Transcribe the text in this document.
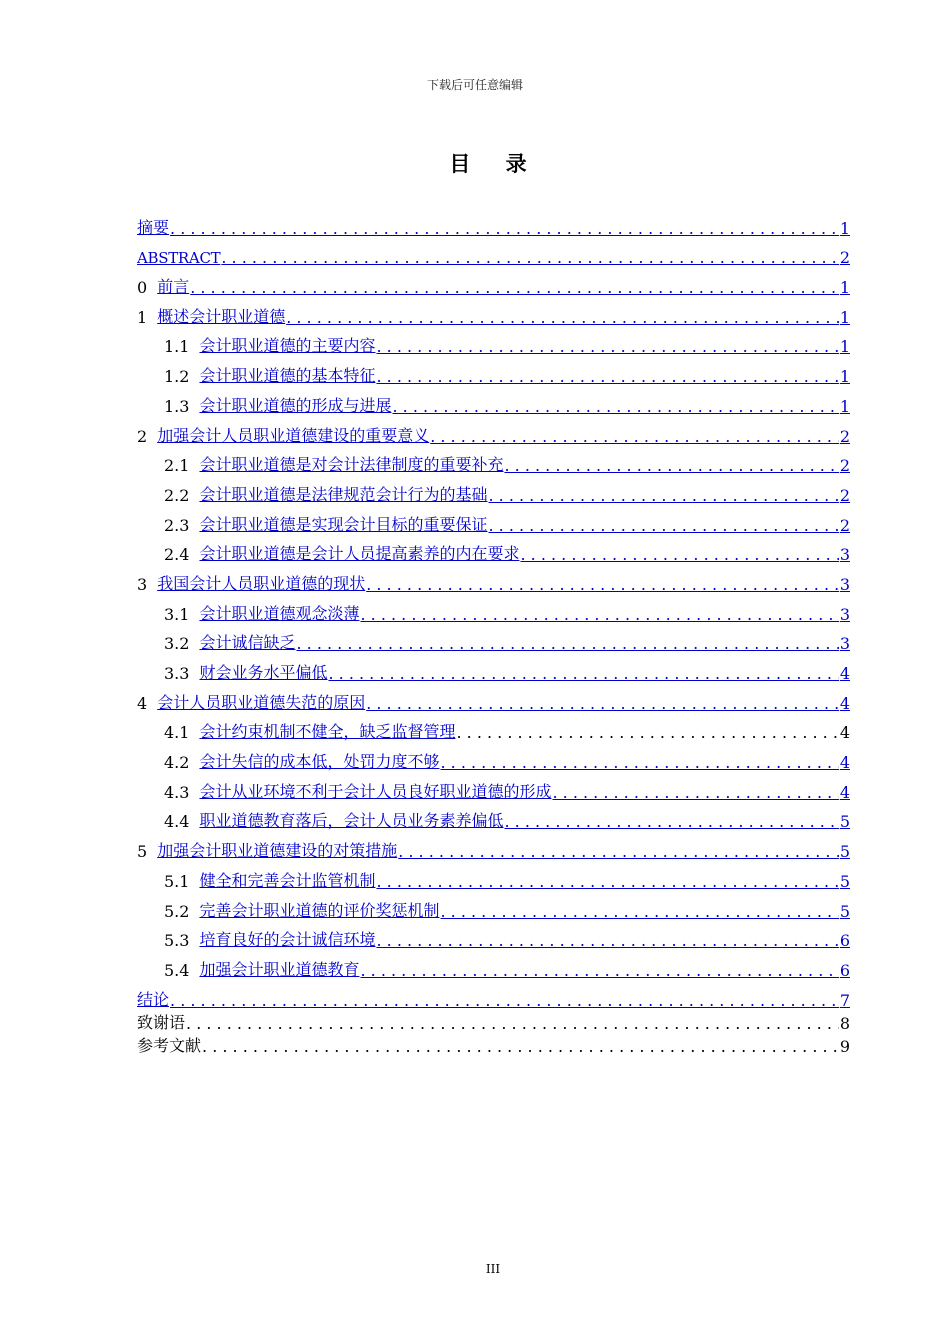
下载后可任意编辑
目 录
摘要 . . .	1
ABSTRACT . . .	2
0 前言 . . .	1
1 概述会计职业道德 . . .	1
1.1 会计职业道德的主要内容 . . .	1
1.2 会计职业道德的基本特征 . . .	1
1.3 会计职业道德的形成与进展 . . .	1
2 加强会计人员职业道德建设的重要意义 . . .	2
2.1 会计职业道德是对会计法律制度的重要补充 . . .	2
2.2 会计职业道德是法律规范会计行为的基础 . . .	2
2.3 会计职业道德是实现会计目标的重要保证 . . .	2
2.4 会计职业道德是会计人员提高素养的内在要求 . . .	3
3 我国会计人员职业道德的现状 . . .	3
3.1 会计职业道德观念淡薄 . . .	3
3.2 会计诚信缺乏 . . .	3
3.3 财会业务水平偏低 . . .	4
4 会计人员职业道德失范的原因 . . .	4
4.1 会计约束机制不健全，缺乏监督管理 . . .	4
4.2 会计失信的成本低，处罚力度不够 . . .	4
4.3 会计从业环境不利于会计人员良好职业道德的形成 . . .	4
4.4 职业道德教育落后，会计人员业务素养偏低 . . .	5
5 加强会计职业道德建设的对策措施 . . .	5
5.1 健全和完善会计监管机制 . . .	5
5.2 完善会计职业道德的评价奖惩机制 . . .	5
5.3 培育良好的会计诚信环境 . . .	6
5.4 加强会计职业道德教育 . . .	6
结论 . . .	7
致谢语 . . .	8
参考文献 . . .	9
III
